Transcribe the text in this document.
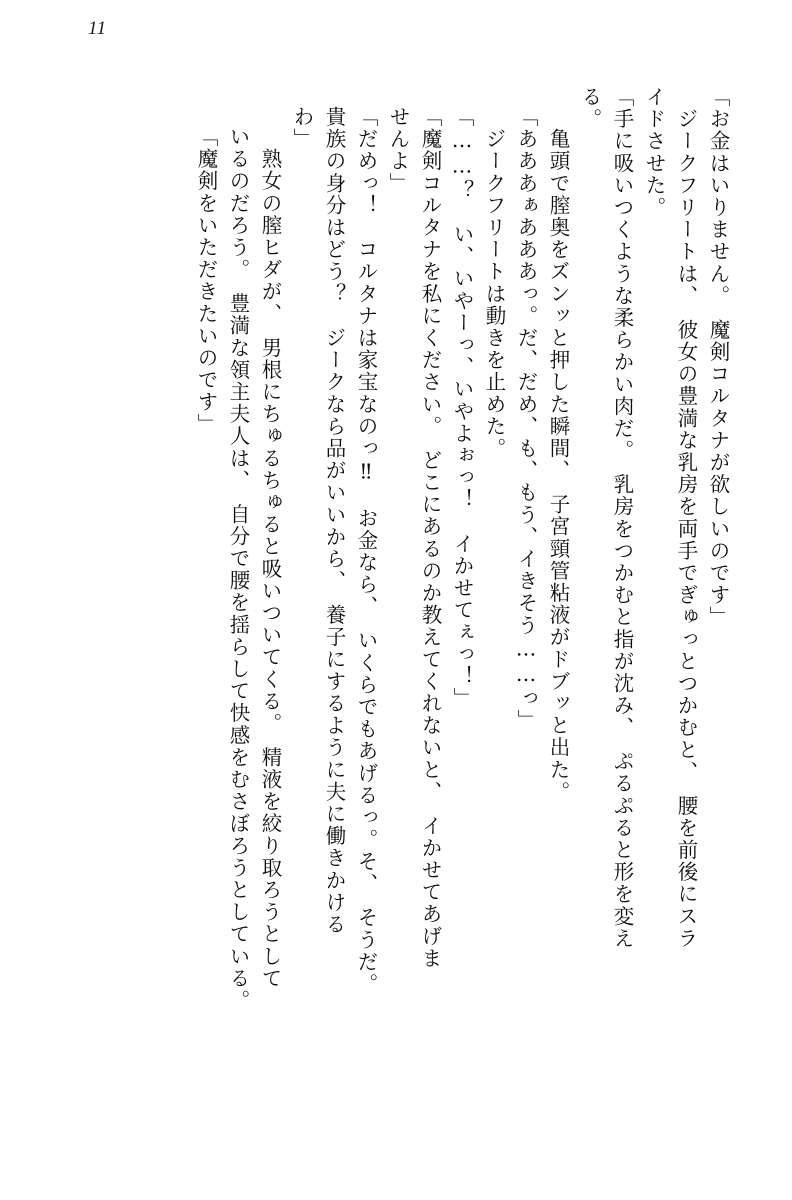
11
「お金はいりません。　魔剣コルタナが欲しいのです」
　ジークフリートは、　彼女の豊満な乳房を両手でぎゅっとつかむと、　腰を前後にスラ
イドさせた。
「手に吸いつくような柔らかい肉だ。　乳房をつかむと指が沈み、　ぷるぷると形を変え
る。
　亀頭で膣奥をズンッと押した瞬間、　子宮頸管粘液がドブッと出た。
「あああぁあああっ。だ、だめ、も、もう、イきそう……っ」
　ジークフリートは動きを止めた。
「……？　い、いやーっ、いやよぉっ！　イかせてぇっ！」
「魔剣コルタナを私にください。　どこにあるのか教えてくれないと、　イかせてあげま
せんよ」
「だめっ！　コルタナは家宝なのっ‼　お金なら、　いくらでもあげるっ。そ、　そうだ。
貴族の身分はどう？　ジークなら品がいいから、　養子にするように夫に働きかける
わ」
　熟女の膣ヒダが、　男根にちゅるちゅると吸いついてくる。　精液を絞り取ろうとして
いるのだろう。　豊満な領主夫人は、　自分で腰を揺らして快感をむさぼろうとしている。
「魔剣をいただきたいのです」
